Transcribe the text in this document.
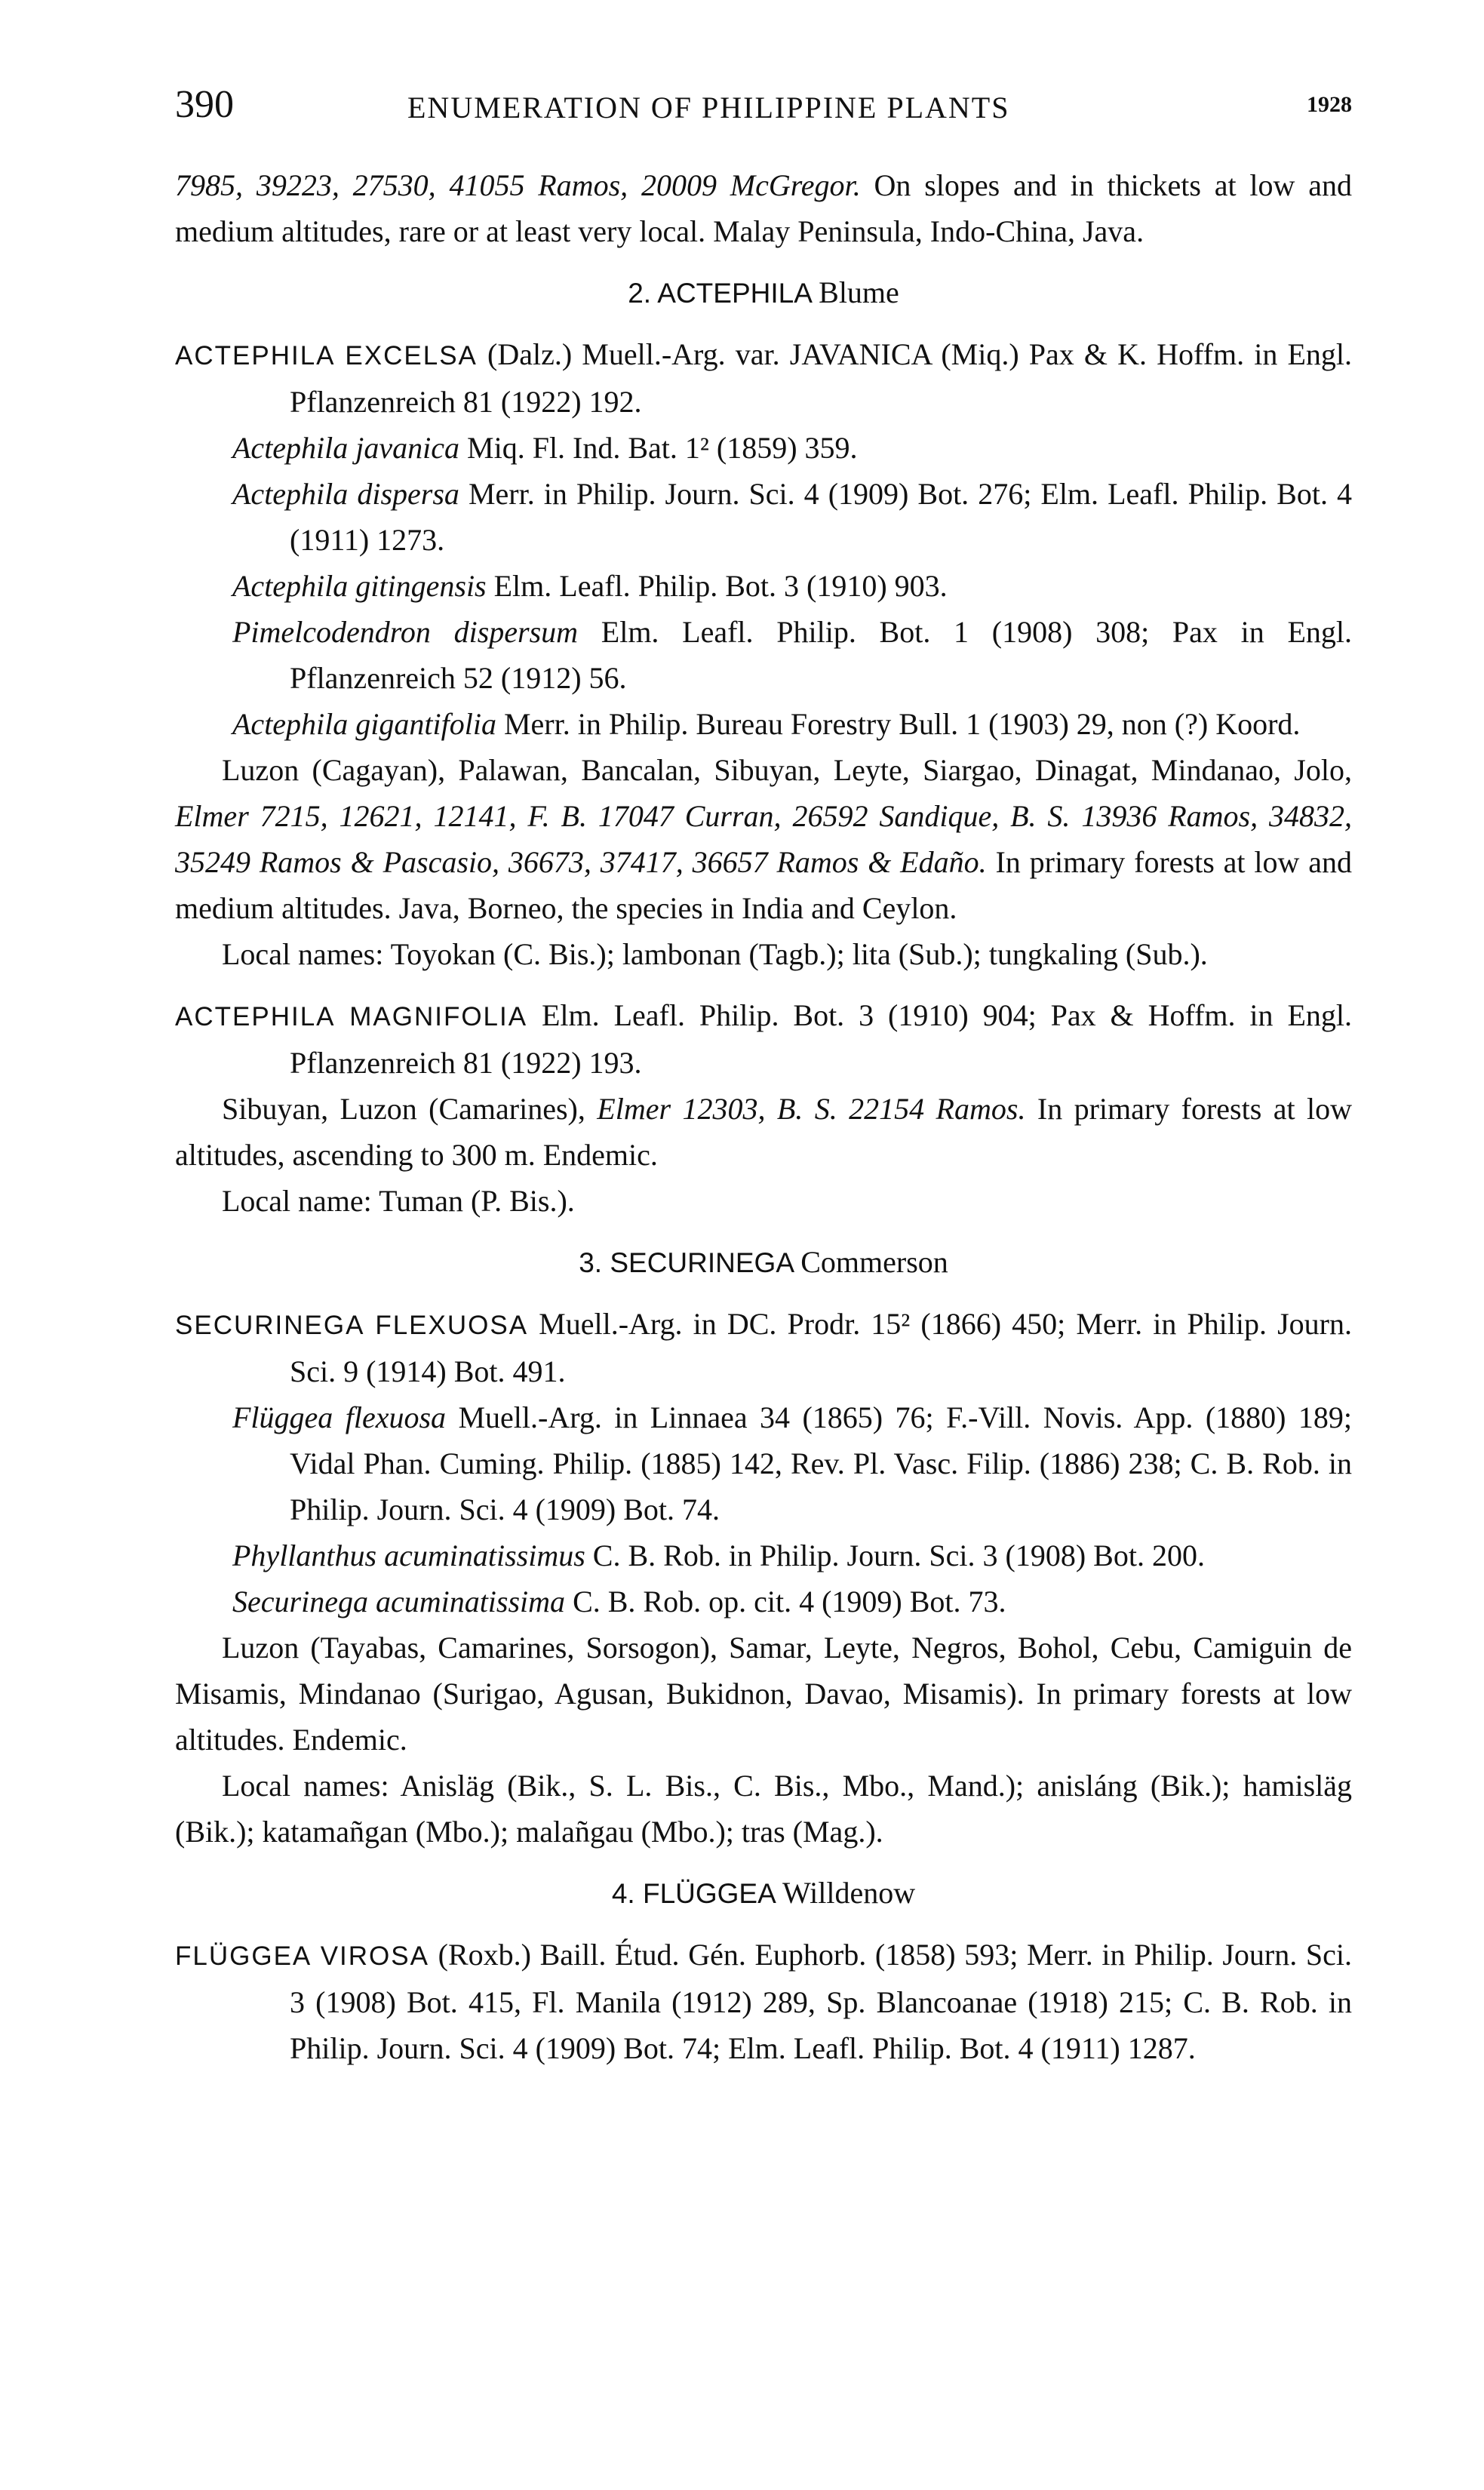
390	ENUMERATION OF PHILIPPINE PLANTS	1928

7985, 39223, 27530, 41055 Ramos, 20009 McGregor. On slopes and in thickets at low and medium altitudes, rare or at least very local. Malay Peninsula, Indo-China, Java.

2. ACTEPHILA Blume

ACTEPHILA EXCELSA (Dalz.) Muell.-Arg. var. JAVANICA (Miq.) Pax & K. Hoffm. in Engl. Pflanzenreich 81 (1922) 192.

Actephila javanica Miq. Fl. Ind. Bat. 1² (1859) 359.

Actephila dispersa Merr. in Philip. Journ. Sci. 4 (1909) Bot. 276; Elm. Leafl. Philip. Bot. 4 (1911) 1273.

Actephila gitingensis Elm. Leafl. Philip. Bot. 3 (1910) 903.

Pimelcodendron dispersum Elm. Leafl. Philip. Bot. 1 (1908) 308; Pax in Engl. Pflanzenreich 52 (1912) 56.

Actephila gigantifolia Merr. in Philip. Bureau Forestry Bull. 1 (1903) 29, non (?) Koord.

Luzon (Cagayan), Palawan, Bancalan, Sibuyan, Leyte, Siargao, Dinagat, Mindanao, Jolo, Elmer 7215, 12621, 12141, F. B. 17047 Curran, 26592 Sandique, B. S. 13936 Ramos, 34832, 35249 Ramos & Pascasio, 36673, 37417, 36657 Ramos & Edaño. In primary forests at low and medium altitudes. Java, Borneo, the species in India and Ceylon.

Local names: Toyokan (C. Bis.); lambonan (Tagb.); lita (Sub.); tungkaling (Sub.).

ACTEPHILA MAGNIFOLIA Elm. Leafl. Philip. Bot. 3 (1910) 904; Pax & Hoffm. in Engl. Pflanzenreich 81 (1922) 193.

Sibuyan, Luzon (Camarines), Elmer 12303, B. S. 22154 Ramos. In primary forests at low altitudes, ascending to 300 m. Endemic.

Local name: Tuman (P. Bis.).

3. SECURINEGA Commerson

SECURINEGA FLEXUOSA Muell.-Arg. in DC. Prodr. 15² (1866) 450; Merr. in Philip. Journ. Sci. 9 (1914) Bot. 491.

Flüggea flexuosa Muell.-Arg. in Linnaea 34 (1865) 76; F.-Vill. Novis. App. (1880) 189; Vidal Phan. Cuming. Philip. (1885) 142, Rev. Pl. Vasc. Filip. (1886) 238; C. B. Rob. in Philip. Journ. Sci. 4 (1909) Bot. 74.

Phyllanthus acuminatissimus C. B. Rob. in Philip. Journ. Sci. 3 (1908) Bot. 200.

Securinega acuminatissima C. B. Rob. op. cit. 4 (1909) Bot. 73.

Luzon (Tayabas, Camarines, Sorsogon), Samar, Leyte, Negros, Bohol, Cebu, Camiguin de Misamis, Mindanao (Surigao, Agusan, Bukidnon, Davao, Misamis). In primary forests at low altitudes. Endemic.

Local names: Anisläg (Bik., S. L. Bis., C. Bis., Mbo., Mand.); anisláng (Bik.); hamisläg (Bik.); katamañgan (Mbo.); malañgau (Mbo.); tras (Mag.).

4. FLÜGGEA Willdenow

FLÜGGEA VIROSA (Roxb.) Baill. Étud. Gén. Euphorb. (1858) 593; Merr. in Philip. Journ. Sci. 3 (1908) Bot. 415, Fl. Manila (1912) 289, Sp. Blancoanae (1918) 215; C. B. Rob. in Philip. Journ. Sci. 4 (1909) Bot. 74; Elm. Leafl. Philip. Bot. 4 (1911) 1287.
